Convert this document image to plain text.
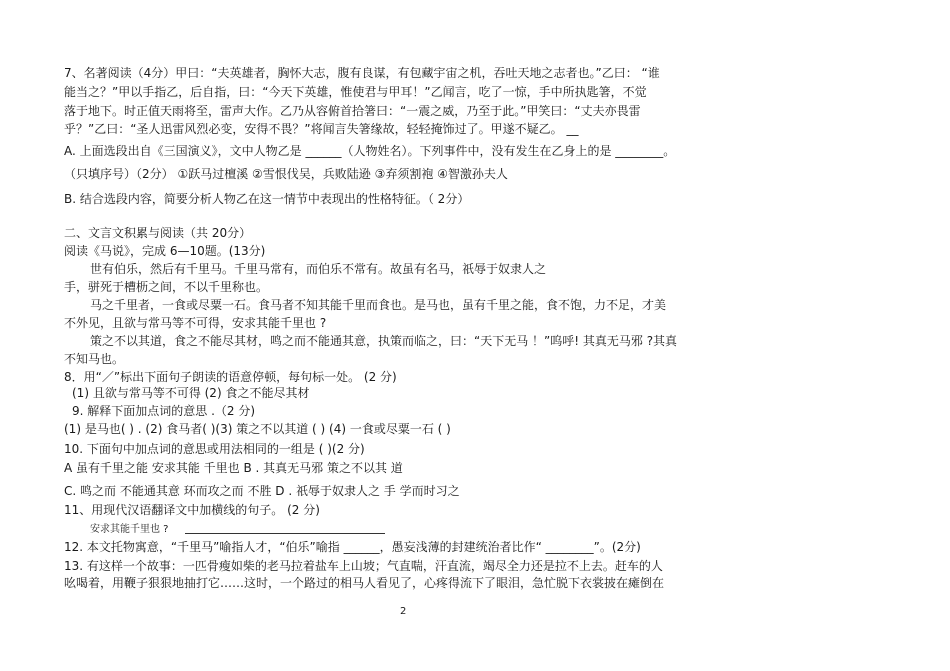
7、名著阅读（4分）甲曰：“夫英雄者，胸怀大志，腹有良谋，有包藏宇宙之机，吞吐天地之志者也。”乙曰： “谁
能当之？”甲以手指乙，后自指，曰：“今天下英雄，惟使君与甲耳！”乙闻言，吃了一惊，手中所执匙箸，不觉
落于地下。时正值天雨将至，雷声大作。乙乃从容俯首拾箸曰：“一震之威，乃至于此。”甲笑曰：“丈夫亦畏雷
乎？”乙曰：“圣人迅雷风烈必变，安得不畏？”将闻言失箸缘故，轻轻掩饰过了。甲遂不疑乙。 __
A. 上面选段出自《三国演义》，文中人物乙是 ______（人物姓名）。下列事件中，没有发生在乙身上的是 ________。
（只填序号）（2分） ①跃马过檀溪 ②雪恨伐吴，兵败陆逊 ③弃须割袍 ④智激孙夫人
B. 结合选段内容，简要分析人物乙在这一情节中表现出的性格特征。（ 2分）
二、文言文积累与阅读（共 20分）
阅读《马说》，完成 6—10题。(13分)
世有伯乐，然后有千里马。千里马常有，而伯乐不常有。故虽有名马，祇辱于奴隶人之
手，骈死于槽枥之间，不以千里称也。
马之千里者，一食或尽粟一石。食马者不知其能千里而食也。是马也，虽有千里之能，食不饱，力不足，才美
不外见，且欲与常马等不可得，安求其能千里也 ?
策之不以其道，食之不能尽其材，鸣之而不能通其意，执策而临之，曰：“天下无马 ！”呜呼! 其真无马邪 ?其真
不知马也。
8．用“／”标出下面句子朗读的语意停顿，每句标一处。 (2 分)
(1) 且欲与常马等不可得 (2) 食之不能尽其材
9. 解释下面加点词的意思 .（2 分)
(1) 是马也( ) . (2) 食马者( )(3) 策之不以其道 ( ) (4) 一食或尽粟一石 ( )
10. 下面句中加点词的意思或用法相同的一组是 ( )(2 分)
A 虽有千里之能 安求其能 千里也 B . 其真无马邪 策之不以其 道
C. 鸣之而 不能通其意 环而攻之而 不胜 D . 祇辱于奴隶人之 手 学而时习之
11、用现代汉语翻译文中加横线的句子。 (2 分)
安求其能千里也 ?
12. 本文托物寓意，“千里马”喻指人才，“伯乐”喻指 ______，愚妄浅薄的封建统治者比作“ ________”。(2分)
13. 有这样一个故事：一匹骨瘦如柴的老马拉着盐车上山坡；气直喘，汗直流，竭尽全力还是拉不上去。赶车的人
吆喝着，用鞭子狠狠地抽打它……这时，一个路过的相马人看见了，心疼得流下了眼泪，急忙脱下衣裳披在瘫倒在
2
